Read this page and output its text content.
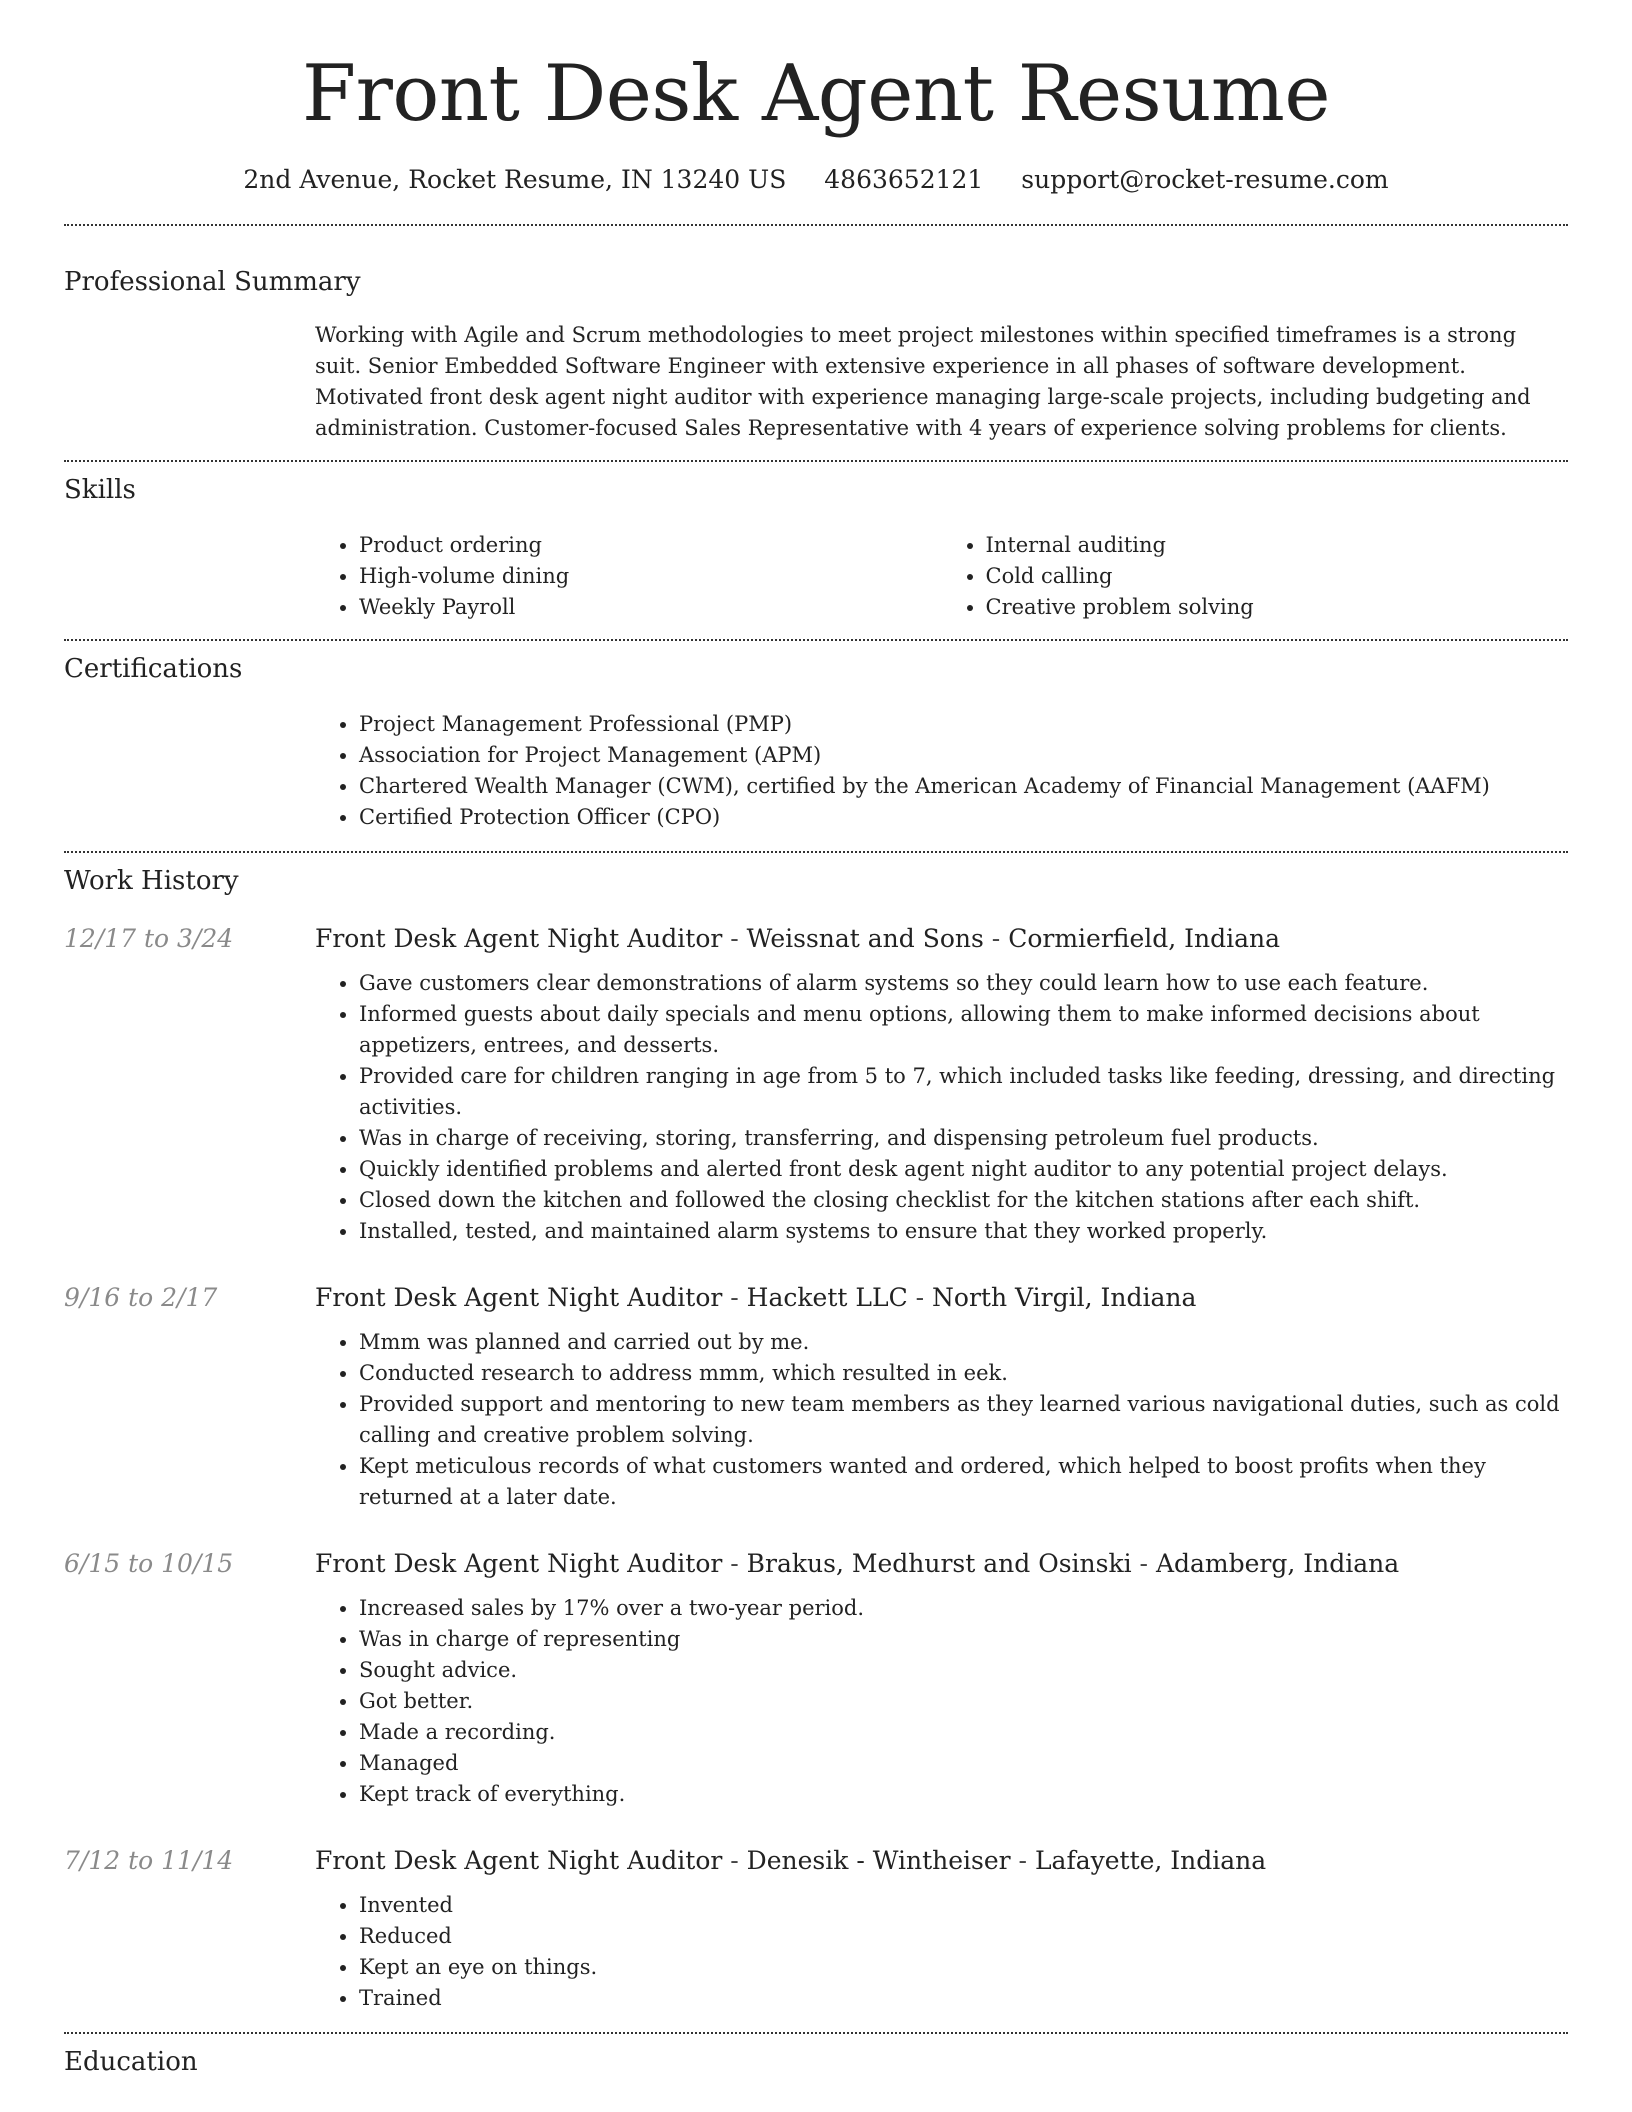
Front Desk Agent Resume
2nd Avenue, Rocket Resume, IN 13240 US 4863652121 support@rocket-resume.com
Professional Summary
Working with Agile and Scrum methodologies to meet project milestones within specified timeframes is a strong suit. Senior Embedded Software Engineer with extensive experience in all phases of software development. Motivated front desk agent night auditor with experience managing large-scale projects, including budgeting and administration. Customer-focused Sales Representative with 4 years of experience solving problems for clients.
Skills
• Product ordering
• High-volume dining
• Weekly Payroll
• Internal auditing
• Cold calling
• Creative problem solving
Certifications
• Project Management Professional (PMP)
• Association for Project Management (APM)
• Chartered Wealth Manager (CWM), certified by the American Academy of Financial Management (AAFM)
• Certified Protection Officer (CPO)
Work History
12/17 to 3/24	Front Desk Agent Night Auditor - Weissnat and Sons - Cormierfield, Indiana

• Gave customers clear demonstrations of alarm systems so they could learn how to use each feature.
• Informed guests about daily specials and menu options, allowing them to make informed decisions about appetizers, entrees, and desserts.
• Provided care for children ranging in age from 5 to 7, which included tasks like feeding, dressing, and directing activities.
• Was in charge of receiving, storing, transferring, and dispensing petroleum fuel products.
• Quickly identified problems and alerted front desk agent night auditor to any potential project delays.
• Closed down the kitchen and followed the closing checklist for the kitchen stations after each shift.
• Installed, tested, and maintained alarm systems to ensure that they worked properly.
9/16 to 2/17	Front Desk Agent Night Auditor - Hackett LLC - North Virgil, Indiana

• Mmm was planned and carried out by me.
• Conducted research to address mmm, which resulted in eek.
• Provided support and mentoring to new team members as they learned various navigational duties, such as cold calling and creative problem solving.
• Kept meticulous records of what customers wanted and ordered, which helped to boost profits when they returned at a later date.
6/15 to 10/15	Front Desk Agent Night Auditor - Brakus, Medhurst and Osinski - Adamberg, Indiana

• Increased sales by 17% over a two-year period.
• Was in charge of representing
• Sought advice.
• Got better.
• Made a recording.
• Managed
• Kept track of everything.
7/12 to 11/14	Front Desk Agent Night Auditor - Denesik - Wintheiser - Lafayette, Indiana

• Invented
• Reduced
• Kept an eye on things.
• Trained
Education
